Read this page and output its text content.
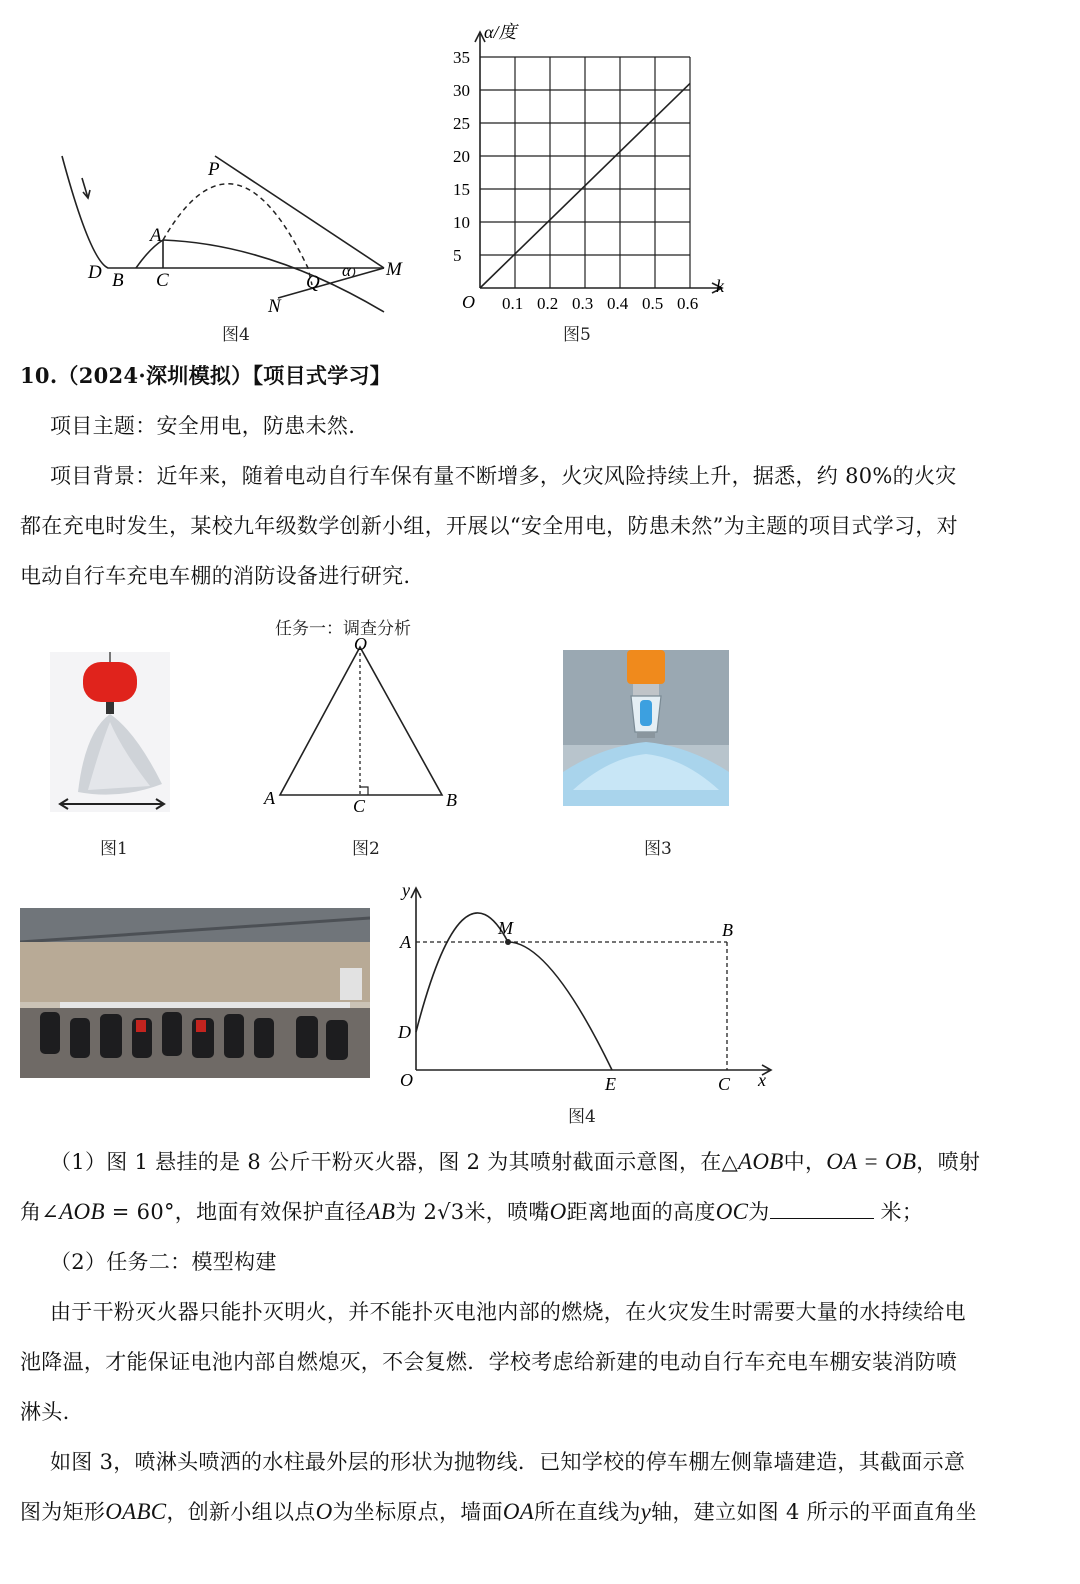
P
A
D B C	Q
N
M
α
图4
0.1 0.2 0.3 0.4 0.5 0.6
5
10
15
20
25
30
35
α/度
k
O
图5
10.（2024·深圳模拟）【项目式学习】
项目主题：安全用电，防患未然.
项目背景：近年来，随着电动自行车保有量不断增多，火灾风险持续上升，据悉，约 80%的火灾
都在充电时发生，某校九年级数学创新小组，开展以“安全用电，防患未然”为主题的项目式学习，对
电动自行车充电车棚的消防设备进行研究.
任务一：调查分析
图1
O
A	B
C
图2	图3
y
x
O
A
B
C
D
E
M
图4
（1）图 1 悬挂的是 8 公斤干粉灭火器，图 2 为其喷射截面示意图，在△AOB中，OA = OB，喷射
角∠AOB = 60°，地面有效保护直径AB为 2√3米，喷嘴O距离地面的高度OC为	米；
（2）任务二：模型构建
由于干粉灭火器只能扑灭明火，并不能扑灭电池内部的燃烧，在火灾发生时需要大量的水持续给电
池降温，才能保证电池内部自燃熄灭，不会复燃．学校考虑给新建的电动自行车充电车棚安装消防喷
淋头.
如图 3，喷淋头喷洒的水柱最外层的形状为抛物线．已知学校的停车棚左侧靠墙建造，其截面示意
图为矩形OABC，创新小组以点O为坐标原点，墙面OA所在直线为y轴，建立如图 4 所示的平面直角坐
